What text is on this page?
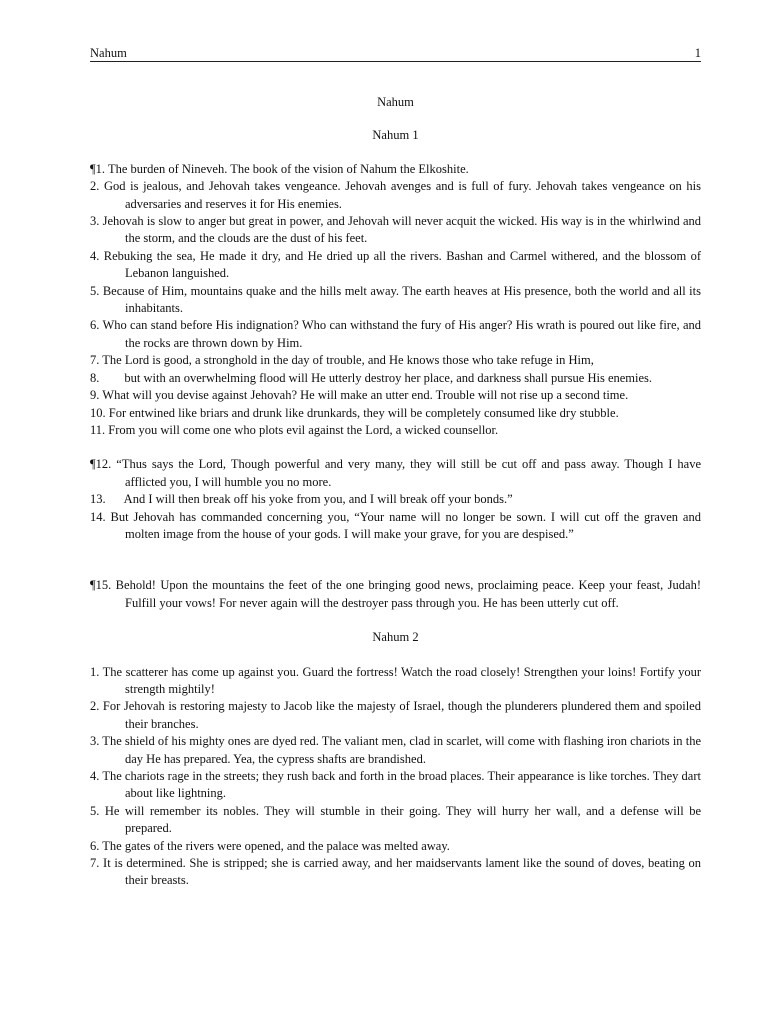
Nahum	1

Nahum

Nahum 1

¶1. The burden of Nineveh. The book of the vision of Nahum the Elkoshite.

2. God is jealous, and Jehovah takes vengeance. Jehovah avenges and is full of fury. Jehovah takes vengeance on his adversaries and reserves it for His enemies.

3. Jehovah is slow to anger but great in power, and Jehovah will never acquit the wicked. His way is in the whirlwind and the storm, and the clouds are the dust of his feet.

4. Rebuking the sea, He made it dry, and He dried up all the rivers. Bashan and Carmel withered, and the blossom of Lebanon languished.

5. Because of Him, mountains quake and the hills melt away. The earth heaves at His presence, both the world and all its inhabitants.

6. Who can stand before His indignation? Who can withstand the fury of His anger? His wrath is poured out like fire, and the rocks are thrown down by Him.

7. The Lord is good, a stronghold in the day of trouble, and He knows those who take refuge in Him,

8.        but with an overwhelming flood will He utterly destroy her place, and darkness shall pursue His enemies.

9. What will you devise against Jehovah? He will make an utter end. Trouble will not rise up a second time.

10. For entwined like briars and drunk like drunkards, they will be completely consumed like dry stubble.

11. From you will come one who plots evil against the Lord, a wicked counsellor.

¶12. “Thus says the Lord, Though powerful and very many, they will still be cut off and pass away. Though I have afflicted you, I will humble you no more.

13.      And I will then break off his yoke from you, and I will break off your bonds.”

14. But Jehovah has commanded concerning you, “Your name will no longer be sown. I will cut off the graven and molten image from the house of your gods. I will make your grave, for you are despised.”

¶15. Behold! Upon the mountains the feet of the one bringing good news, proclaiming peace. Keep your feast, Judah! Fulfill your vows! For never again will the destroyer pass through you. He has been utterly cut off.

Nahum 2

1. The scatterer has come up against you. Guard the fortress! Watch the road closely! Strengthen your loins! Fortify your strength mightily!

2. For Jehovah is restoring majesty to Jacob like the majesty of Israel, though the plunderers plundered them and spoiled their branches.

3. The shield of his mighty ones are dyed red. The valiant men, clad in scarlet, will come with flashing iron chariots in the day He has prepared. Yea, the cypress shafts are brandished.

4. The chariots rage in the streets; they rush back and forth in the broad places. Their appearance is like torches. They dart about like lightning.

5. He will remember its nobles. They will stumble in their going. They will hurry her wall, and a defense will be prepared.

6. The gates of the rivers were opened, and the palace was melted away.

7. It is determined. She is stripped; she is carried away, and her maidservants lament like the sound of doves, beating on their breasts.
